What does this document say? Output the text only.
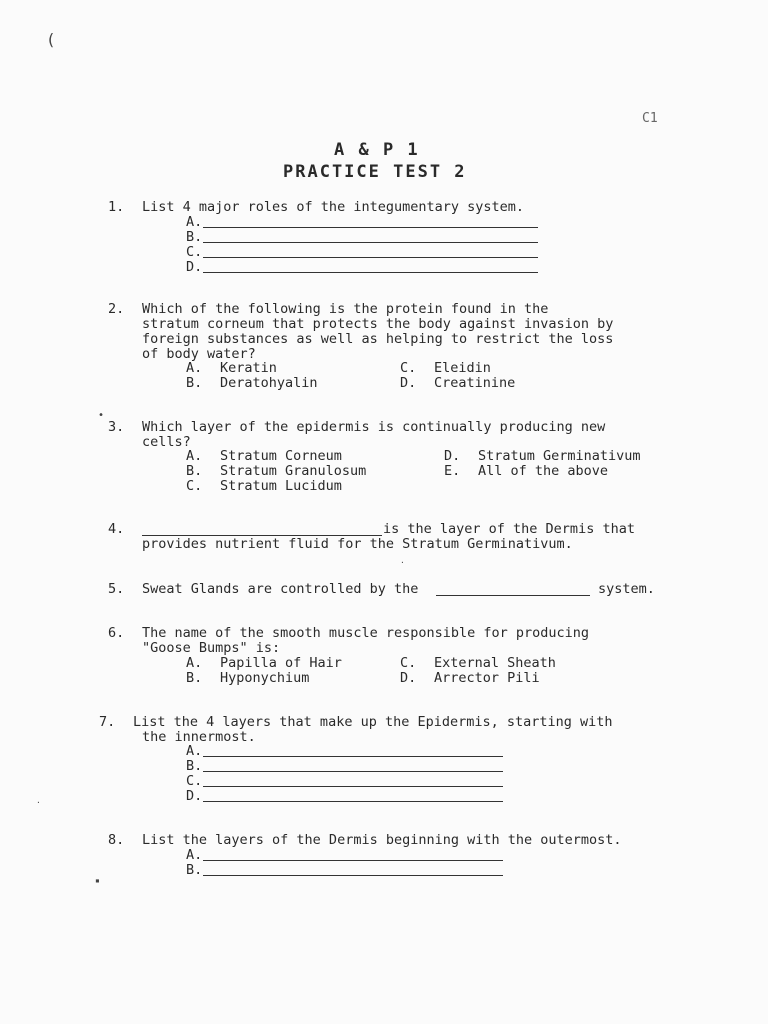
(
C1
A & P 1
PRACTICE TEST 2
1. List 4 major roles of the integumentary system.
A.
B.
C.
D.
2. Which of the following is the protein found in the
stratum corneum that protects the body against invasion by
foreign substances as well as helping to restrict the loss
of body water?
A. Keratin
B. Deratohyalin
C. Eleidin
D. Creatinine
•
3. Which layer of the epidermis is continually producing new
cells?
A. Stratum Corneum
B. Stratum Granulosum
C. Stratum Lucidum
D. Stratum Germinativum
E. All of the above
4.	is the layer of the Dermis that
provides nutrient fluid for the Stratum Germinativum.
5. Sweat Glands are controlled by the	system.
6. The name of the smooth muscle responsible for producing
"Goose Bumps" is:
A. Papilla of Hair
B. Hyponychium
C. External Sheath
D. Arrector Pili
7. List the 4 layers that make up the Epidermis, starting with
the innermost.
A.
B.
C.
D.
8. List the layers of the Dermis beginning with the outermost.
A.
B.
·
▪
·
